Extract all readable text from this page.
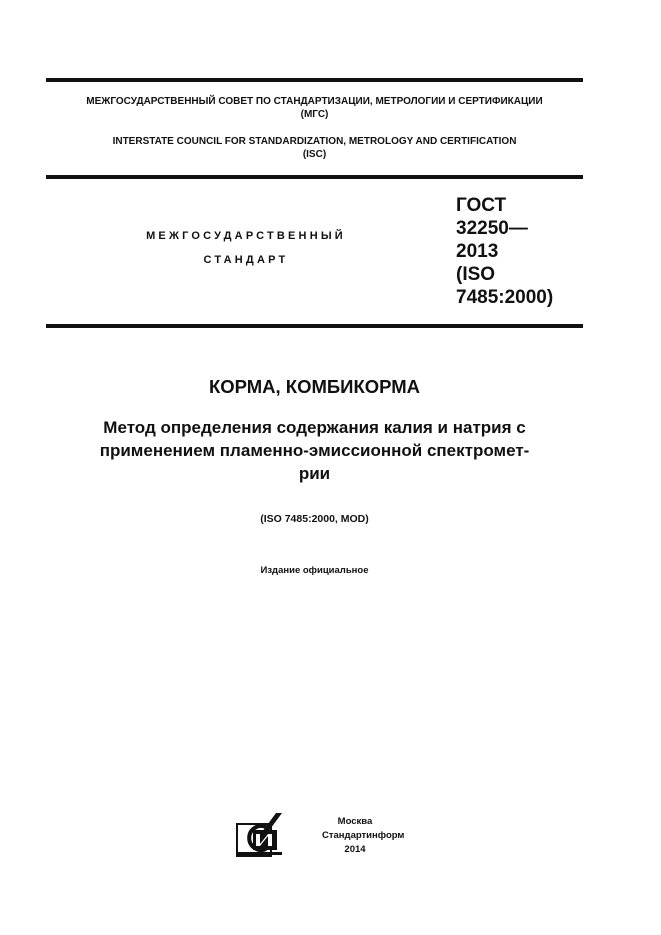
МЕЖГОСУДАРСТВЕННЫЙ СОВЕТ ПО СТАНДАРТИЗАЦИИ, МЕТРОЛОГИИ И СЕРТИФИКАЦИИ
(МГС)
INTERSTATE COUNCIL FOR STANDARDIZATION, METROLOGY AND CERTIFICATION
(ISC)
МЕЖГОСУДАРСТВЕННЫЙ
СТАНДАРТ
ГОСТ
32250—
2013
(ISO
7485:2000)
КОРМА, КОМБИКОРМА
Метод определения содержания калия и натрия с
применением пламенно-эмиссионной спектромет-
рии
(ISO 7485:2000, MOD)
Издание официальное
Москва
Стандартинформ
2014
